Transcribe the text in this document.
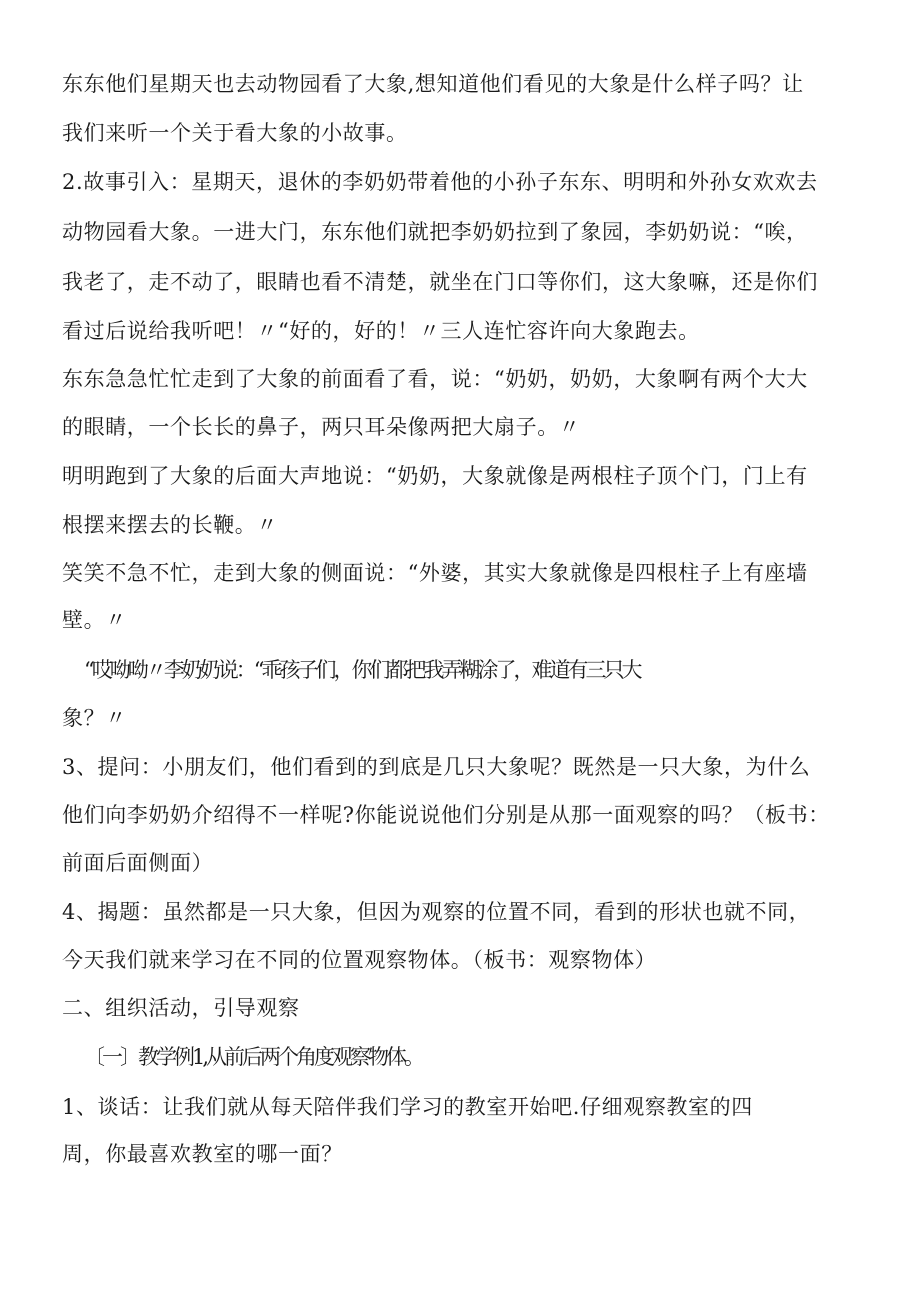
东东他们星期天也去动物园看了大象,想知道他们看见的大象是什么样子吗？让
我们来听一个关于看大象的小故事。
2.故事引入：星期天，退休的李奶奶带着他的小孙子东东、明明和外孙女欢欢去
动物园看大象。一进大门，东东他们就把李奶奶拉到了象园，李奶奶说：“唉，
我老了，走不动了，眼睛也看不清楚，就坐在门口等你们，这大象嘛，还是你们
看过后说给我听吧！〃“好的，好的！〃三人连忙容许向大象跑去。
东东急急忙忙走到了大象的前面看了看，说：“奶奶，奶奶，大象啊有两个大大
的眼睛，一个长长的鼻子，两只耳朵像两把大扇子。〃
明明跑到了大象的后面大声地说：“奶奶，大象就像是两根柱子顶个门，门上有
根摆来摆去的长鞭。〃
笑笑不急不忙，走到大象的侧面说：“外婆，其实大象就像是四根柱子上有座墙
壁。〃
“哎呦呦〃李奶奶说：“乖孩子们，你们都把我弄糊涂了，难道有三只大
象？〃
3、提问：小朋友们，他们看到的到底是几只大象呢？既然是一只大象，为什么
他们向李奶奶介绍得不一样呢?你能说说他们分别是从那一面观察的吗？（板书：
前面后面侧面）
4、揭题：虽然都是一只大象，但因为观察的位置不同，看到的形状也就不同，
今天我们就来学习在不同的位置观察物体。（板书：观察物体）
二、组织活动，引导观察
〔一〕教学例1,从前后两个角度观察物体。
1、谈话：让我们就从每天陪伴我们学习的教室开始吧.仔细观察教室的四
周，你最喜欢教室的哪一面？
